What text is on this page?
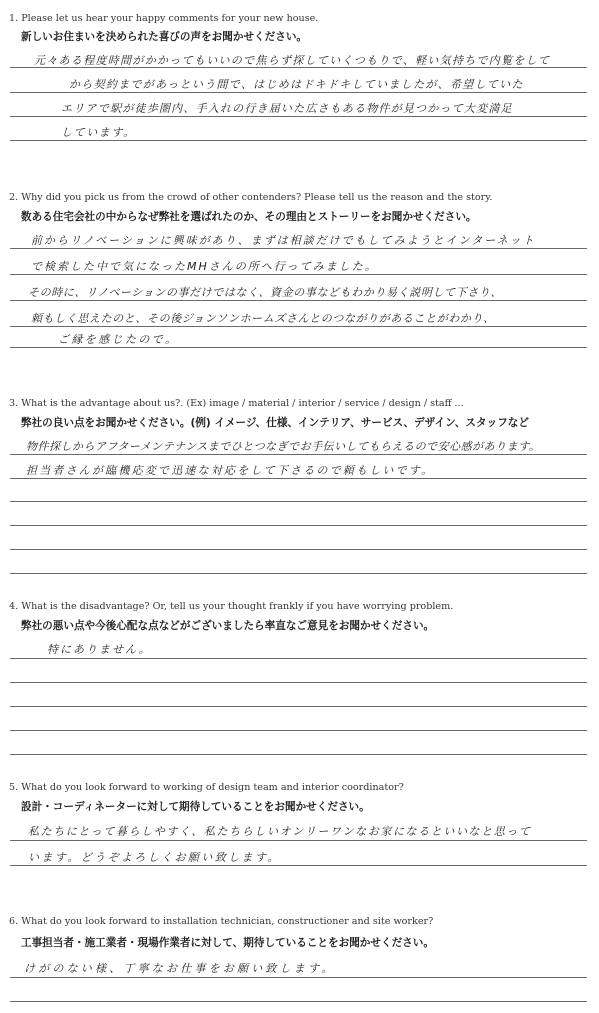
1. Please let us hear your happy comments for your new house.
新しいお住まいを決められた喜びの声をお聞かせください。
元々ある程度時間がかかってもいいので焦らず探していくつもりで、軽い気持ちで内覧をして
から契約までがあっという間で、はじめはドキドキしていましたが、希望していた
エリアで駅が徒歩圏内、手入れの行き届いた広さもある物件が見つかって大変満足
しています。
2. Why did you pick us from the crowd of other contenders? Please tell us the reason and the story.
数ある住宅会社の中からなぜ弊社を選ばれたのか、その理由とストーリーをお聞かせください。
前からリノベーションに興味があり、まずは相談だけでもしてみようとインターネット
で検索した中で気になったMHさんの所へ行ってみました。
その時に、リノベーションの事だけではなく、資金の事などもわかり易く説明して下さり、
頼もしく思えたのと、その後ジョンソンホームズさんとのつながりがあることがわかり、
ご縁を感じたので。
3. What is the advantage about us?. (Ex) image / material / interior / service / design / staff ...
弊社の良い点をお聞かせください。(例) イメージ、仕様、インテリア、サービス、デザイン、スタッフなど
物件探しからアフターメンテナンスまでひとつなぎでお手伝いしてもらえるので安心感があります。
担当者さんが臨機応変で迅速な対応をして下さるので頼もしいです。
4. What is the disadvantage? Or, tell us your thought frankly if you have worrying problem.
弊社の悪い点や今後心配な点などがございましたら率直なご意見をお聞かせください。
特にありません。
5. What do you look forward to working of design team and interior coordinator?
設計・コーディネーターに対して期待していることをお聞かせください。
私たちにとって暮らしやすく、私たちらしいオンリーワンなお家になるといいなと思って
います。どうぞよろしくお願い致します。
6. What do you look forward to installation technician, constructioner and site worker?
工事担当者・施工業者・現場作業者に対して、期待していることをお聞かせください。
けがのない様、丁寧なお仕事をお願い致します。
